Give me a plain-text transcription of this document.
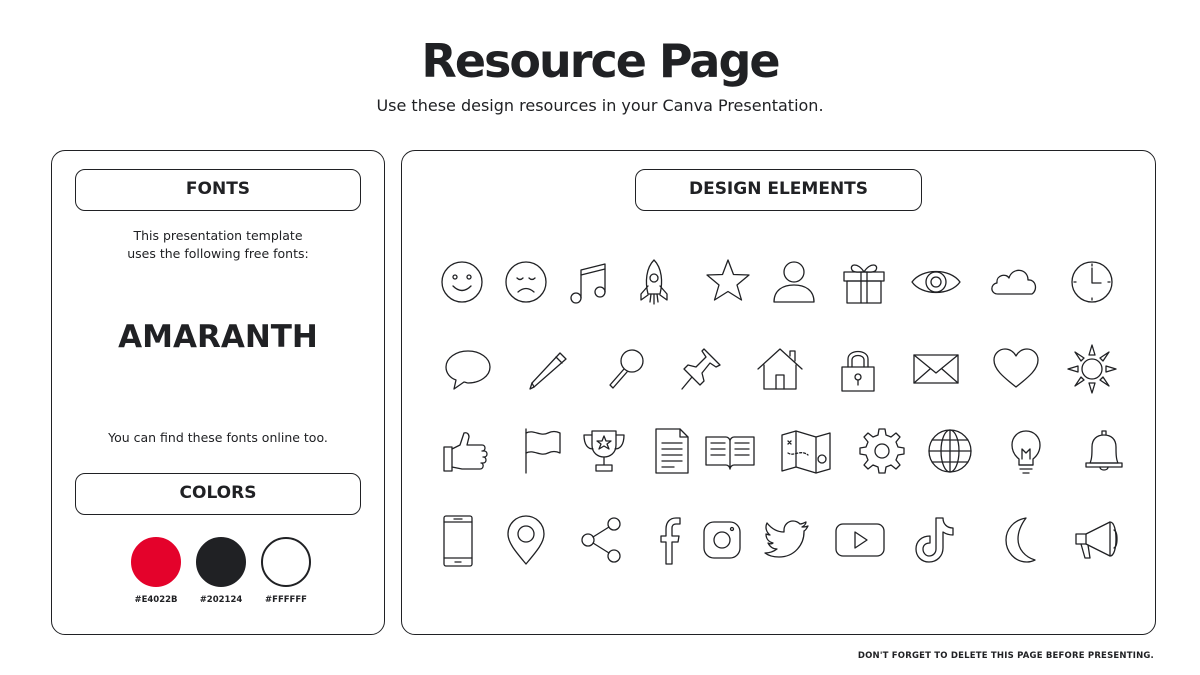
Resource Page
Use these design resources in your Canva Presentation.
FONTS
This presentation template
uses the following free fonts:
AMARANTH
You can find these fonts online too.
COLORS
#E4022B	#202124	#FFFFFF
DESIGN ELEMENTS
DON'T FORGET TO DELETE THIS PAGE BEFORE PRESENTING.
